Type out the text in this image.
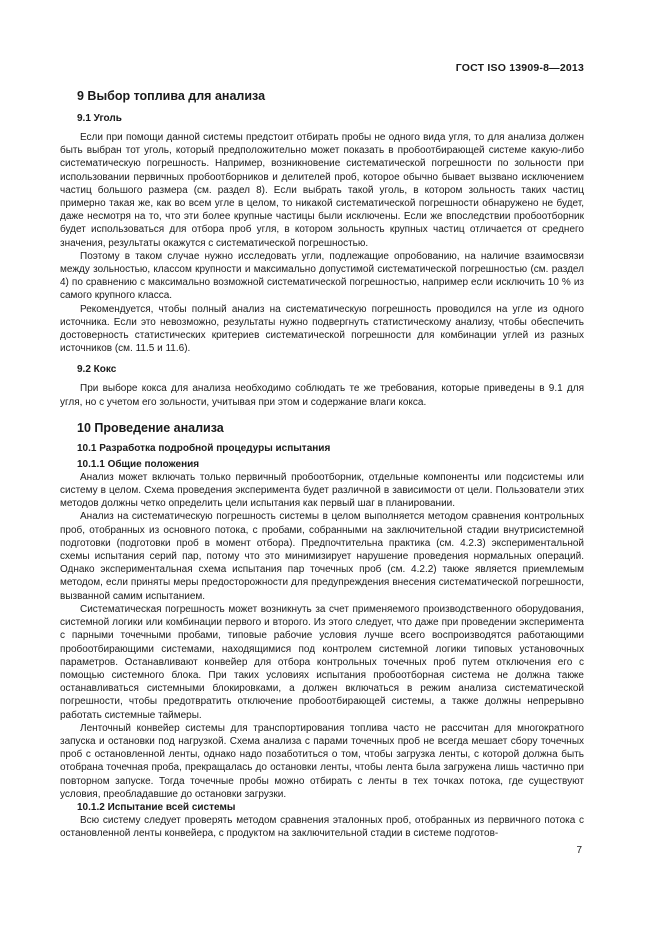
ГОСТ ISO 13909-8—2013
9 Выбор топлива для анализа
9.1 Уголь

Если при помощи данной системы предстоит отбирать пробы не одного вида угля, то для анализа должен быть выбран тот уголь, который предположительно может показать в пробоотбирающей системе какую-либо систематическую погрешность. Например, возникновение систематической погрешности по зольности при использовании первичных пробоотборников и делителей проб, которое обычно бывает вызвано исключением частиц большого размера (см. раздел 8). Если выбрать такой уголь, в котором зольность таких частиц примерно такая же, как во всем угле в целом, то никакой систематической погрешности обнаружено не будет, даже несмотря на то, что эти более крупные частицы были исключены. Если же впоследствии пробоотборник будет использоваться для отбора проб угля, в котором зольность крупных частиц отличается от среднего значения, результаты окажутся с систематической погрешностью.

Поэтому в таком случае нужно исследовать угли, подлежащие опробованию, на наличие взаимосвязи между зольностью, классом крупности и максимально допустимой систематической погрешностью (см. раздел 4) по сравнению с максимально возможной систематической погрешностью, например если исключить 10 % из самого крупного класса.

Рекомендуется, чтобы полный анализ на систематическую погрешность проводился на угле из одного источника. Если это невозможно, результаты нужно подвергнуть статистическому анализу, чтобы обеспечить достоверность статистических критериев систематической погрешности для комбинации углей из разных источников (см. 11.5 и 11.6).

9.2 Кокс

При выборе кокса для анализа необходимо соблюдать те же требования, которые приведены в 9.1 для угля, но с учетом его зольности, учитывая при этом и содержание влаги кокса.

10 Проведение анализа
10.1 Разработка подробной процедуры испытания
10.1.1 Общие положения

Анализ может включать только первичный пробоотборник, отдельные компоненты или подсистемы или систему в целом. Схема проведения эксперимента будет различной в зависимости от цели. Пользователи этих методов должны четко определить цели испытания как первый шаг в планировании.

Анализ на систематическую погрешность системы в целом выполняется методом сравнения контрольных проб, отобранных из основного потока, с пробами, собранными на заключительной стадии внутрисистемной подготовки (подготовки проб в момент отбора). Предпочтительна практика (см. 4.2.3) экспериментальной схемы испытания серий пар, потому что это минимизирует нарушение проведения нормальных операций. Однако экспериментальная схема испытания пар точечных проб (см. 4.2.2) также является приемлемым методом, если приняты меры предосторожности для предупреждения внесения систематической погрешности, вызванной самим испытанием.

Систематическая погрешность может возникнуть за счет применяемого производственного оборудования, системной логики или комбинации первого и второго. Из этого следует, что даже при проведении эксперимента с парными точечными пробами, типовые рабочие условия лучше всего воспроизводятся работающими пробоотбирающими системами, находящимися под контролем системной логики типовых установочных параметров. Останавливают конвейер для отбора контрольных точечных проб путем отключения его с помощью системного блока. При таких условиях испытания пробоотборная система не должна также останавливаться системными блокировками, а должен включаться в режим анализа систематической погрешности, чтобы предотвратить отключение пробоотбирающей системы, а также должны непрерывно работать системные таймеры.

Ленточный конвейер системы для транспортирования топлива часто не рассчитан для многократного запуска и остановки под нагрузкой. Схема анализа с парами точечных проб не всегда мешает сбору точечных проб с остановленной ленты, однако надо позаботиться о том, чтобы загрузка ленты, с которой должна быть отобрана точечная проба, прекращалась до остановки ленты, чтобы лента была загружена лишь частично при повторном запуске. Тогда точечные пробы можно отбирать с ленты в тех точках потока, где существуют условия, преобладавшие до остановки загрузки.

10.1.2 Испытание всей системы

Всю систему следует проверять методом сравнения эталонных проб, отобранных из первичного потока с остановленной ленты конвейера, с продуктом на заключительной стадии в системе подготов-

7
